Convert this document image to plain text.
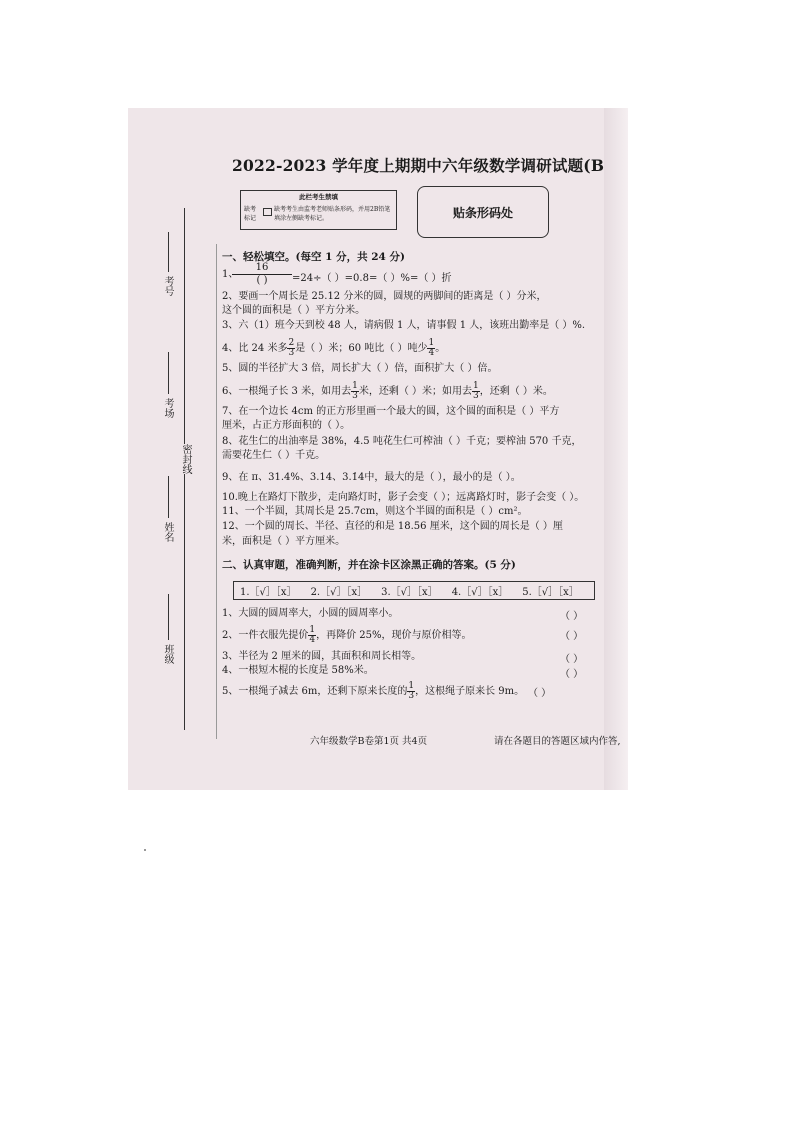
2022-2023 学年度上期期中六年级数学调研试题(B
此栏考生禁填
缺考标记
缺考考生由监考老师贴条形码，并用2B铅笔填涂左侧缺考标记。	贴条形码处
考号
考场
密封线
姓名
班级
一、轻松填空。(每空 1 分，共 24 分)
1、
16
( )	=24÷（ ）=0.8=（ ）%=（ ）折
2、要画一个周长是 25.12 分米的圆，圆规的两脚间的距离是（ ）分米，
这个圆的面积是（ ）平方分米。
3、六（1）班今天到校 48 人，请病假 1 人，请事假 1 人，该班出勤率是（ ）%.
4、比 24 米多 $\frac{2}{3}$ 是（ ）米；60 吨比（ ）吨少 $\frac{1}{4}$ 。
5、圆的半径扩大 3 倍，周长扩大（ ）倍，面积扩大（ ）倍。
6、一根绳子长 3 米，如用去 $\frac{1}{3}$ 米，还剩（ ）米；如用去 $\frac{1}{3}$ ，还剩（ ）米。
7、在一个边长 4cm 的正方形里画一个最大的圆，这个圆的面积是（ ）平方
厘米，占正方形面积的（ ）。
8、花生仁的出油率是 38%，4.5 吨花生仁可榨油（ ）千克；要榨油 570 千克，
需要花生仁（ ）千克。
9、在 π、31.4%、3.14、3.1̇4̇中，最大的是（ ），最小的是（ ）。
10.晚上在路灯下散步，走向路灯时，影子会变（ ）；远离路灯时，影子会变（ ）。
11、一个半圆，其周长是 25.7cm，则这个半圆的面积是（ ）cm²。
12、一个圆的周长、半径、直径的和是 18.56 厘米，这个圆的周长是（ ）厘
米，面积是（ ）平方厘米。
二、认真审题，准确判断，并在涂卡区涂黑正确的答案。(5 分)
1.［√］［x］ 2.［√］［x］ 3.［√］［x］ 4.［√］［x］ 5.［√］［x］
1、大圆的圆周率大，小圆的圆周率小。	（ ）
2、一件衣服先提价 $\frac{1}{4}$ ，再降价 25%，现价与原价相等。	（ ）
3、半径为 2 厘米的圆，其面积和周长相等。	（ ）
4、一根短木棍的长度是 58%米。	（ ）
5、一根绳子减去 6m，还剩下原来长度的 $\frac{1}{3}$ ，这根绳子原来长 9m。 （ ）
六年级数学B卷第1页 共4页	请在各题目的答题区域内作答,
